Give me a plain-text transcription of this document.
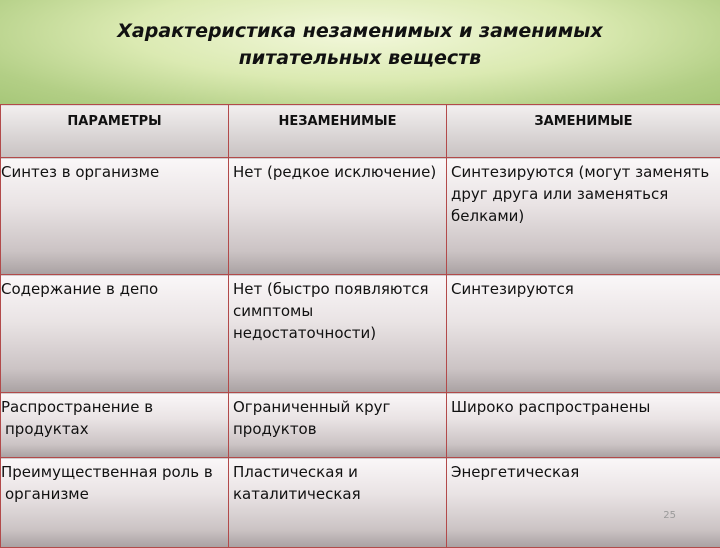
Характеристика незаменимых и заменимых
питательных веществ
ПАРАМЕТРЫ	НЕЗАМЕНИМЫЕ	ЗАМЕНИМЫЕ
Синтез в организме	Нет (редкое исключение)	Синтезируются (могут заменять друг друга или заменяться белками)
Содержание в депо	Нет (быстро появляются симптомы недостаточности)	Синтезируются
Распространение в продуктах	Ограниченный круг продуктов	Широко распространены
Преимущественная роль в организме	Пластическая и каталитическая	Энергетическая
25
